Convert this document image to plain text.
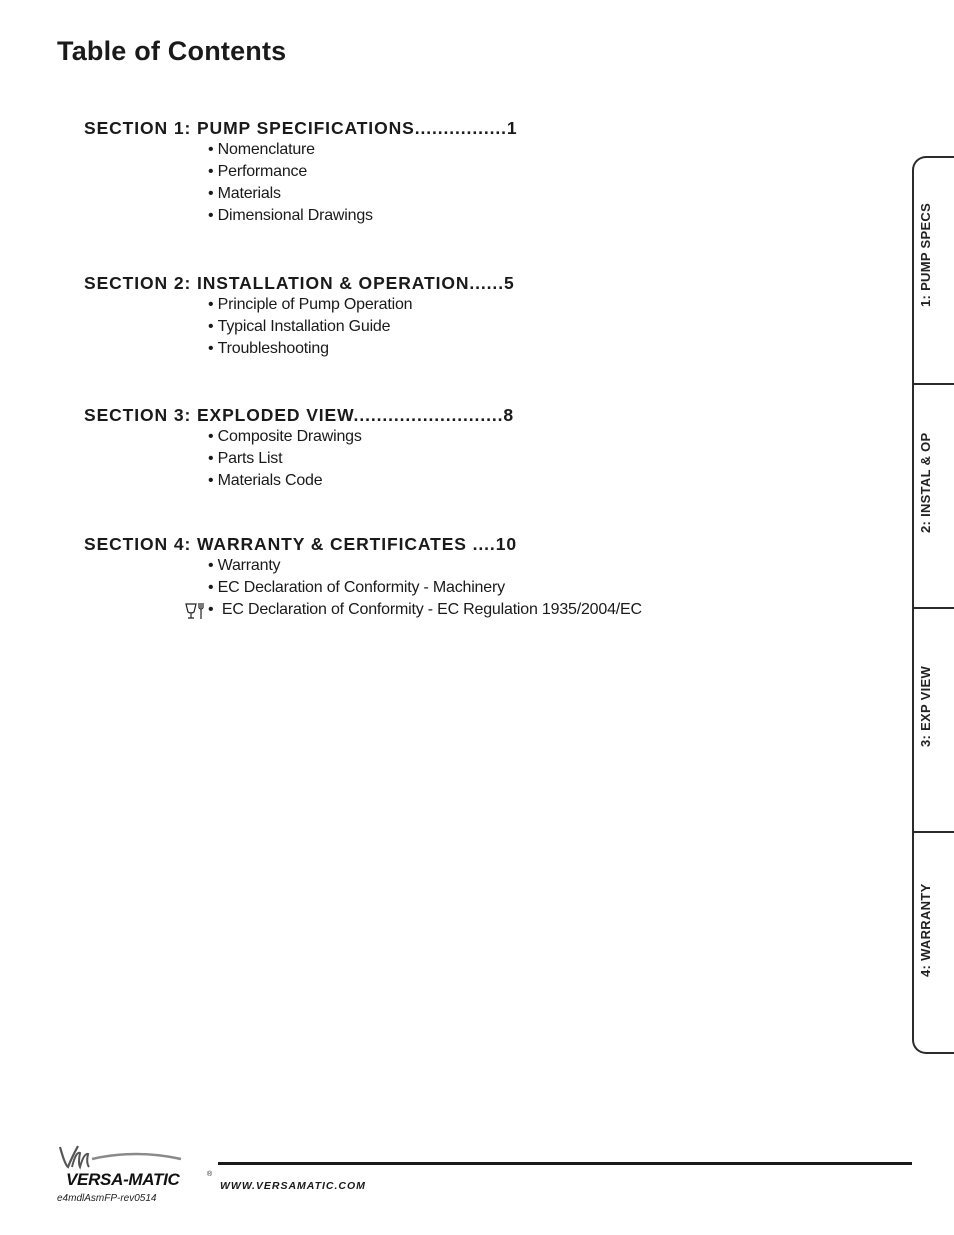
Table of Contents
SECTION 1: PUMP SPECIFICATIONS................1
• Nomenclature
• Performance
• Materials
• Dimensional Drawings
SECTION 2: INSTALLATION & OPERATION......5
• Principle of Pump Operation
• Typical Installation Guide
• Troubleshooting
SECTION 3: EXPLODED VIEW..........................8
• Composite Drawings
• Parts List
• Materials Code
SECTION 4: WARRANTY & CERTIFICATES ....10
• Warranty
• EC Declaration of Conformity - Machinery

• EC Declaration of Conformity - EC Regulation 1935/2004/EC
1: PUMP SPECS
2: INSTAL & OP
3: EXP VIEW
4: WARRANTY
VERSA-MATIC	®
WWW.VERSAMATIC.COM
e4mdlAsmFP-rev0514
